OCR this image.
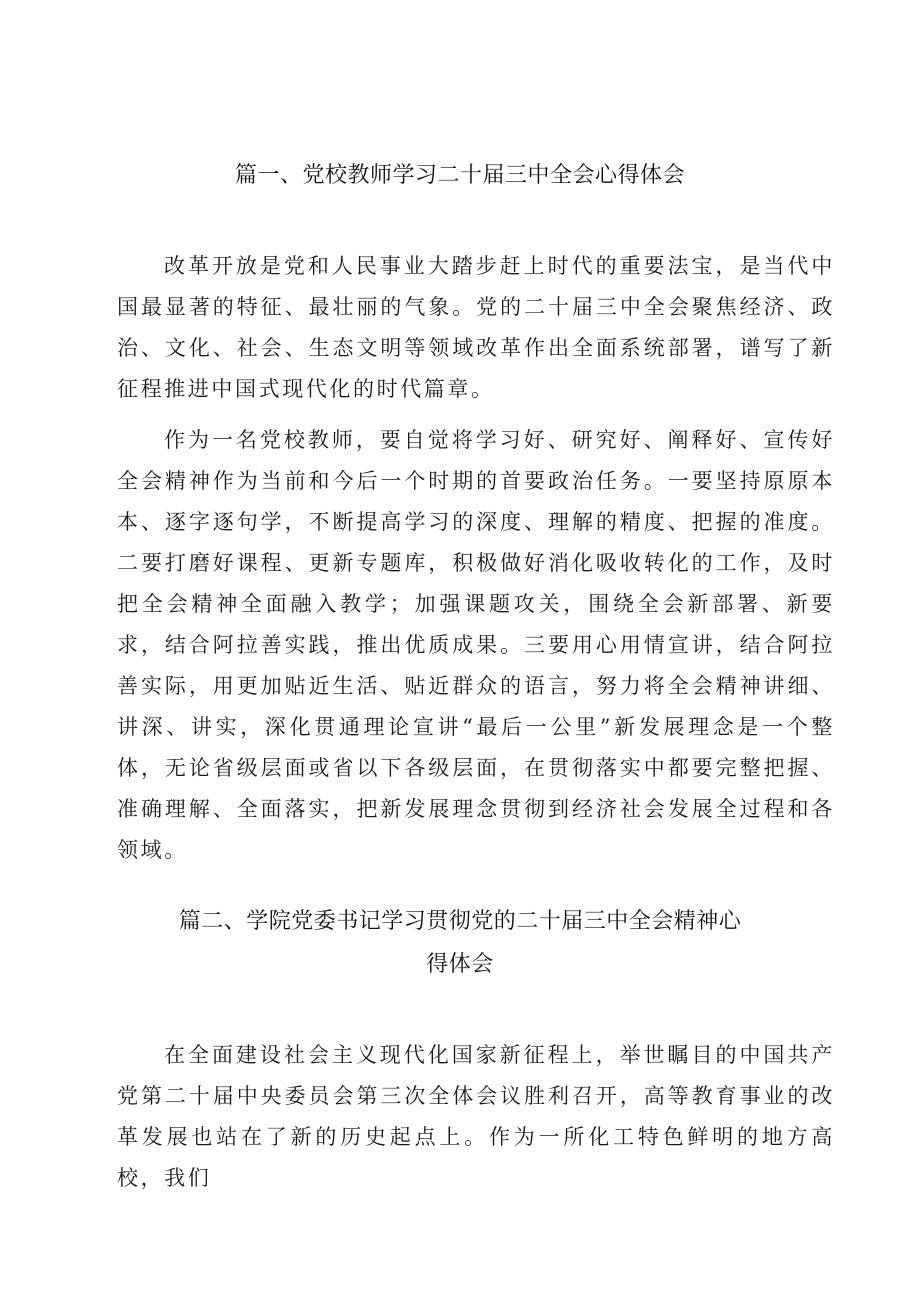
篇一、党校教师学习二十届三中全会心得体会

改革开放是党和人民事业大踏步赶上时代的重要法宝，是当代中国最显著的特征、最壮丽的气象。党的二十届三中全会聚焦经济、政治、文化、社会、生态文明等领域改革作出全面系统部署，谱写了新征程推进中国式现代化的时代篇章。

作为一名党校教师，要自觉将学习好、研究好、阐释好、宣传好全会精神作为当前和今后一个时期的首要政治任务。一要坚持原原本本、逐字逐句学，不断提高学习的深度、理解的精度、把握的准度。二要打磨好课程、更新专题库，积极做好消化吸收转化的工作，及时把全会精神全面融入教学；加强课题攻关，围绕全会新部署、新要求，结合阿拉善实践，推出优质成果。三要用心用情宣讲，结合阿拉善实际，用更加贴近生活、贴近群众的语言，努力将全会精神讲细、讲深、讲实，深化贯通理论宣讲“最后一公里”新发展理念是一个整体，无论省级层面或省以下各级层面，在贯彻落实中都要完整把握、准确理解、全面落实，把新发展理念贯彻到经济社会发展全过程和各领域。

篇二、学院党委书记学习贯彻党的二十届三中全会精神心
得体会

在全面建设社会主义现代化国家新征程上，举世瞩目的中国共产党第二十届中央委员会第三次全体会议胜利召开，高等教育事业的改革发展也站在了新的历史起点上。作为一所化工特色鲜明的地方高校，我们
